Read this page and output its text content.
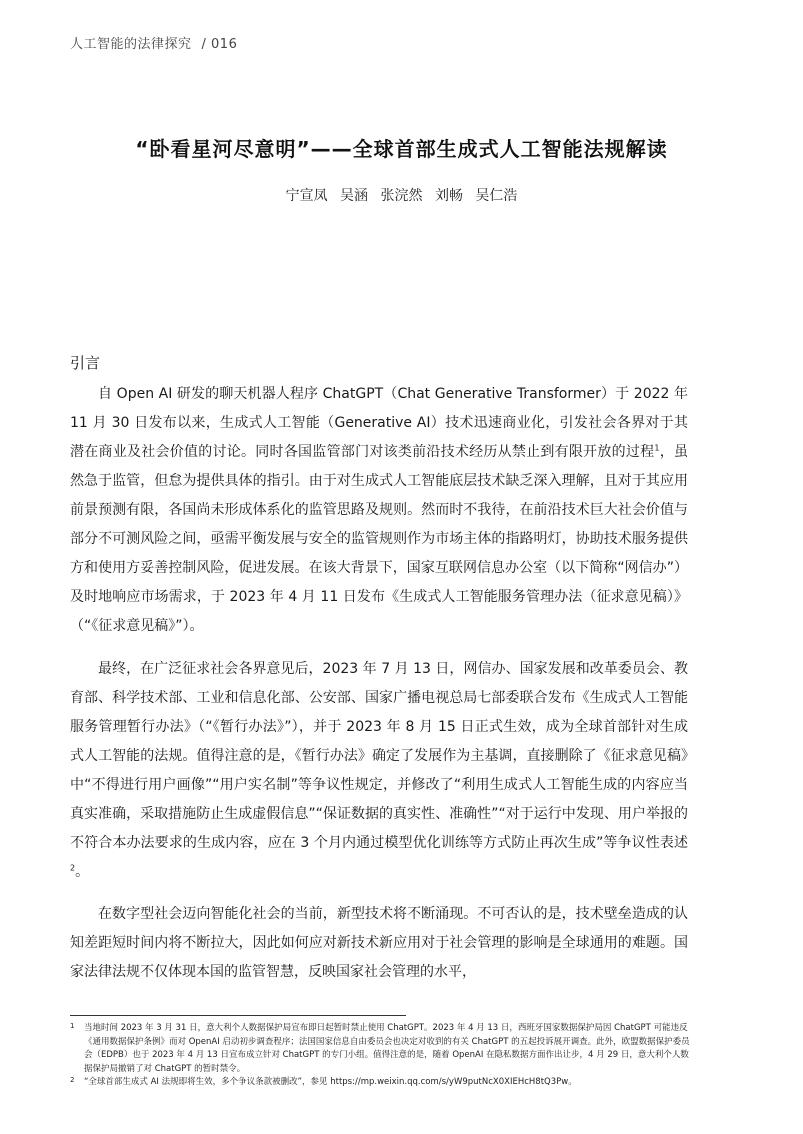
人工智能的法律探究 / 016
“卧看星河尽意明”——全球首部生成式人工智能法规解读
宁宣凤 吴涵 张浣然 刘畅 吴仁浩
引言

自 Open AI 研发的聊天机器人程序 ChatGPT（Chat Generative Transformer）于 2022 年 11 月 30 日发布以来，生成式人工智能（Generative AI）技术迅速商业化，引发社会各界对于其潜在商业及社会价值的讨论。同时各国监管部门对该类前沿技术经历从禁止到有限开放的过程$^1$，虽然急于监管，但怠为提供具体的指引。由于对生成式人工智能底层技术缺乏深入理解，且对于其应用前景预测有限，各国尚未形成体系化的监管思路及规则。然而时不我待，在前沿技术巨大社会价值与部分不可测风险之间，亟需平衡发展与安全的监管规则作为市场主体的指路明灯，协助技术服务提供方和使用方妥善控制风险，促进发展。在该大背景下，国家互联网信息办公室（以下简称“网信办”）及时地响应市场需求，于 2023 年 4 月 11 日发布《生成式人工智能服务管理办法（征求意见稿）》（“《征求意见稿》”）。

最终，在广泛征求社会各界意见后，2023 年 7 月 13 日，网信办、国家发展和改革委员会、教育部、科学技术部、工业和信息化部、公安部、国家广播电视总局七部委联合发布《生成式人工智能服务管理暂行办法》（“《暂行办法》”），并于 2023 年 8 月 15 日正式生效，成为全球首部针对生成式人工智能的法规。值得注意的是，《暂行办法》确定了发展作为主基调，直接删除了《征求意见稿》中“不得进行用户画像”“用户实名制”等争议性规定，并修改了“利用生成式人工智能生成的内容应当真实准确，采取措施防止生成虚假信息”“保证数据的真实性、准确性”“对于运行中发现、用户举报的不符合本办法要求的生成内容，应在 3 个月内通过模型优化训练等方式防止再次生成”等争议性表述$^2$。

在数字型社会迈向智能化社会的当前，新型技术将不断涌现。不可否认的是，技术壁垒造成的认知差距短时间内将不断拉大，因此如何应对新技术新应用对于社会管理的影响是全球通用的难题。国家法律法规不仅体现本国的监管智慧，反映国家社会管理的水平，

1 当地时间 2023 年 3 月 31 日，意大利个人数据保护局宣布即日起暂时禁止使用 ChatGPT。2023 年 4 月 13 日，西班牙国家数据保护局因 ChatGPT 可能违反《通用数据保护条例》而对 OpenAI 启动初步调查程序；法国国家信息自由委员会也决定对收到的有关 ChatGPT 的五起投诉展开调查。此外，欧盟数据保护委员会（EDPB）也于 2023 年 4 月 13 日宣布成立针对 ChatGPT 的专门小组。值得注意的是，随着 OpenAI 在隐私数据方面作出让步，4 月 29 日，意大利个人数据保护局撤销了对 ChatGPT 的暂时禁令。
2 “全球首部生成式 AI 法规即将生效，多个争议条款被删改”，参见 https://mp.weixin.qq.com/s/yW9putNcX0XIEHcH8tQ3Pw。
